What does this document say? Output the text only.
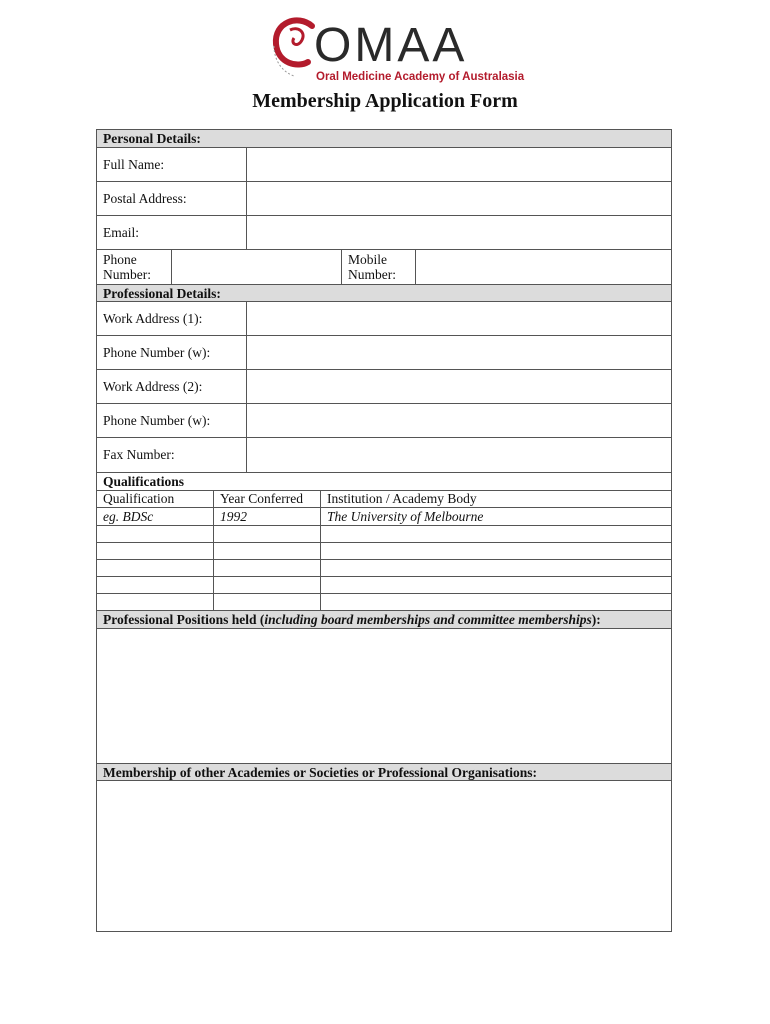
OMAA
Oral Medicine Academy of Australasia
Membership Application Form
Personal Details:
Full Name:
Postal Address:
Email:
Phone
Number:
Mobile
Number:
Professional Details:
Work Address (1):
Phone Number (w):
Work Address (2):
Phone Number (w):
Fax Number:
Qualifications
Qualification	Year Conferred	Institution / Academy Body
eg. BDSc	1992	The University of Melbourne
Professional Positions held (including board memberships and committee memberships):
Membership of other Academies or Societies or Professional Organisations:
